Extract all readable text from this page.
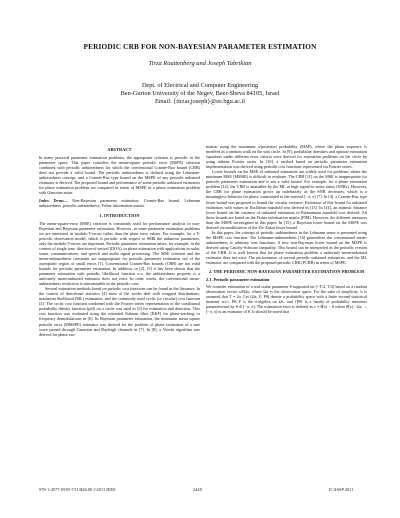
PERIODIC CRB FOR NON-BAYESIAN PARAMETER ESTIMATION
Tirza Routtenberg and Joseph Tabrikian
Dept. of Electrical and Computer Engineering
Ben-Gurion University of the Negev, Beer-Sheva 84105, Israel
Email: {tirzar,joseph}@ee.bgu.ac.il
ABSTRACT

In many practical parameter estimation problems, the appropriate criterion is periodic in the parameter space. This paper considers the mean-square periodic error (MSPE) criterion combined with periodic unbiasedness for which the conventional Cramér-Rao bound (CRB) does not provide a valid bound. The periodic unbiasedness is defined using the Lehmann-unbiasedness concept, and a Cramér-Rao type bound on the MSPE of any periodic unbiased estimator is derived. The proposed bound and performance of some periodic unbiased estimators for phase estimation problem are compared in terms of MSPE in a phase estimation problem with Gaussian noise.

Index Terms— Non-Bayesian parameter estimation, Cramér-Rao bound, Lehmann unbiasedness, periodic unbiasedness, Fisher information matrix

1. INTRODUCTION

The mean-square-error (MSE) criterion is commonly used for performance analysis in non-Bayesian and Bayesian parameter estimation. However, in some parameter estimation problems we are interested in modulo-T-errors rather than the plain error values. For example, for a T-periodic observation model, which is periodic with respect to θ∈ℝ the unknown parameters, only the modulo-T-errors are important. Periodic parameter estimation arises, for example, in the context of single tone, direction-of-arrival (DOA), or phase estimation with applications in radar, sonar, communications, and speech and audio signal processing. The MSE criterion and the mean-unbiasedness constraint are inappropriate for periodic parameter estimation out of the asymptotic region of small errors [1]. Conventional Cramér-Rao bounds (CRB) are not valid bounds for periodic parameter estimation. In addition, in [2], [3] it has been shown that the parameter estimation with periodic likelihood function π,π, the unbiasedness property is a uniformly mean-unbiased estimator does not exist. In other words, the conventional mean-unbiasedness restriction is unreasonable in the periodic case.

Several estimation methods based on periodic cost functions can be found in the literature. In the context of directional statistics [4] most of the works deal with wrapped distributions, maximum likelihood (ML) estimation, and the commonly used cyclic (or circular) cost function [4]. The cyclic cost function combined with the Fourier series representation of the conditional probability density function (pdf) on a circle was used in [5] for estimation and detection. This cost function was evaluated using the extended Kalman filter (EKF) for phase-tracking or frequency demodulations in [6]. In Bayesian parameter estimation, the minimum mean square periodic error (MMSPE) estimator was derived for the problem of phase estimation of a sine wave passed through Gaussian and Rayleigh channels in [7]. In [8], a Viterbi algorithm was derived for phase esti-

mation using the maximum a-posteriori probability (MAP), where the phase sequence is modeled as a random walk on the unit circle. In [9], probability densities and optimal estimation equations under different error criteria were derived for estimation problems on the circle by using infinite Fourier series. In [10], a method based on periodic parameter estimation implementation was derived using periodic cost functions represented via Fourier series.

Lower bounds on the MSE of unbiased estimators are widely used for problems where the minimum MSE (MMSE) is difficult to evaluate. The CRB [11] on the MSE is inappropriate for periodic parameter estimation and is not a valid bound. For example, for a phase estimation problem [12], the CRB is attainable by the ML at high signal-to-noise ratios (SNRs). However, the CRB for phase estimation grows up indefinitely as the SNR decreases, which is a meaningless behavior for phase constrained to the interval [−π, π) [7]. In [4], a Cramér-Rao type lower bound was proposed to bound the circular variance. Extension of this bound for unbiased estimators with values in Euclidean manifold was derived in [13]. In [14], an intrinsic distance lower bound on the variance of unbiased estimators in Riemannian manifold was derived. All these bounds are based on the Fisher information matrix (FIM). However, the different measures than the MSPE investigated in this paper. In [15], a Bayesian lower bound on the MSPE was derived via modification of the Ziv-Zakai lower bound.

In this paper, the concept of periodic unbiasedness in the Lehmann sense is presented using the MSPE cost function. The Lehmann-unbiasedness [16] generalizes the conventional mean-unbiasedness to arbitrary cost functions. A new non-Bayesian lower bound on the MSPE is derived using Cauchy-Schwarz inequality. This bound can be interpreted as the periodic version of the CRB. It is well known that for phase estimation problem a uniformly mean-unbiased estimator does not exist. The performance of several periodic-unbiased estimators, and the ML estimator, are compared with the proposed periodic CRB (PCRB) in terms of MSPE.

2. THE PERIODIC NON-BAYESIAN PARAMETER ESTIMATION PROBLEM
2.1. Periodic parameter estimation

We consider estimation of a real scalar parameter θ supported on [−T/2, T/2) based on a random observation vector x∈Ωx, where Ωx is the observation space. For the sake of simplicity, it is assumed that T = 2π. Let (Ωx, F, Pθ) denote a probability space with a finite second statistical moment w.r.t. Pθ, F is the σ-algebra on Ωx, and {Pθ} is a family of probability measures parameterized by θ ∈ [−π, π). The estimation error is defined as ε = θ̂(x) − θ where θ̂(x) : Ωx → [−π, π) is an estimator of θ. It should be noted that

978-1-4577-0539-7/11/$26.00 ©2011 IEEE	2448	ICASSP 2011
